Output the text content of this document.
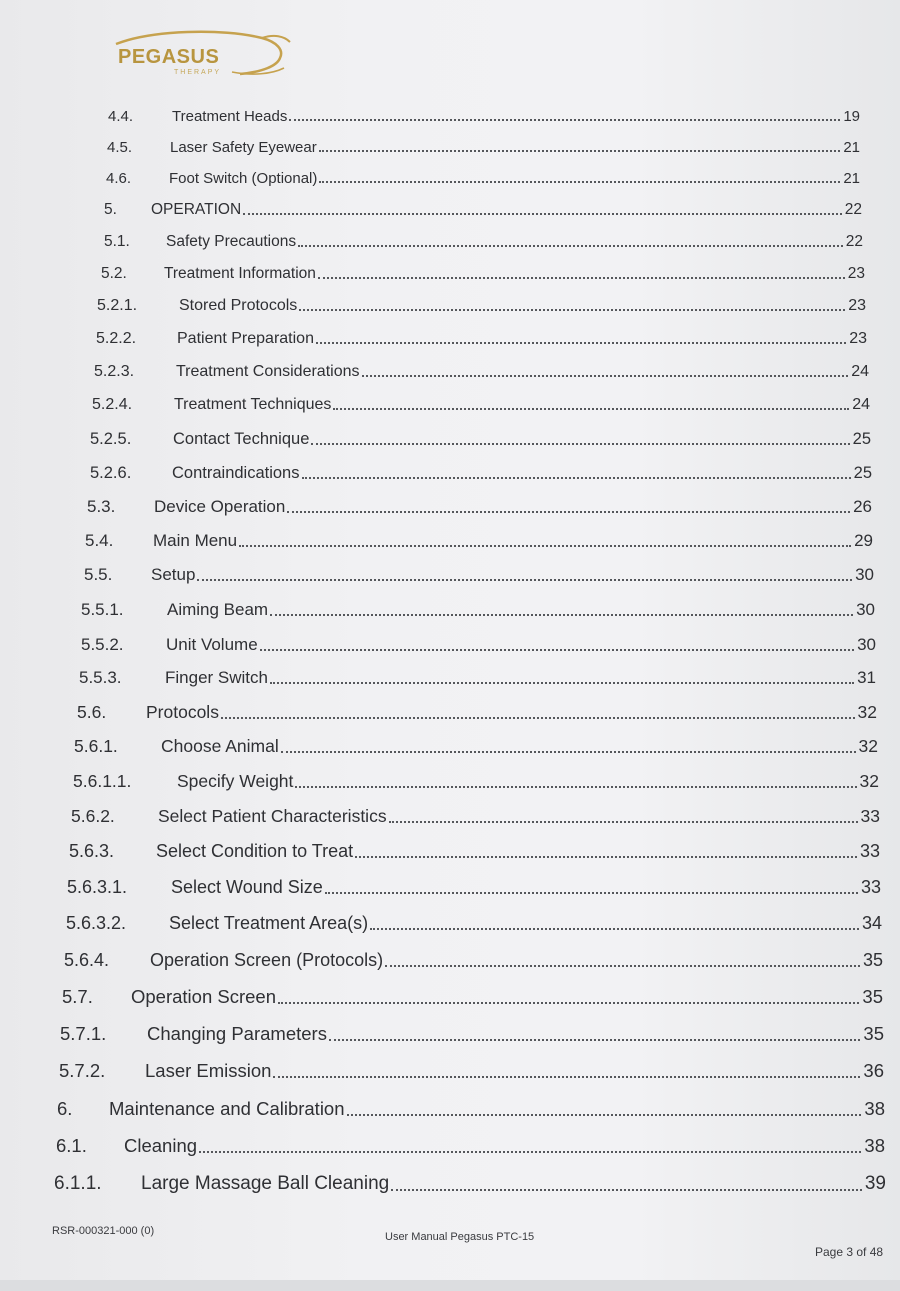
PEGASUS
THERAPY
4.4.	Treatment Heads	19
4.5.	Laser Safety Eyewear	21
4.6.	Foot Switch (Optional)	21
5.	OPERATION	22
5.1.	Safety Precautions	22
5.2.	Treatment Information	23
5.2.1.	Stored Protocols	23
5.2.2.	Patient Preparation	23
5.2.3.	Treatment Considerations	24
5.2.4.	Treatment Techniques	24
5.2.5.	Contact Technique	25
5.2.6.	Contraindications	25
5.3.	Device Operation	26
5.4.	Main Menu	29
5.5.	Setup	30
5.5.1.	Aiming Beam	30
5.5.2.	Unit Volume	30
5.5.3.	Finger Switch	31
5.6.	Protocols	32
5.6.1.	Choose Animal	32
5.6.1.1.	Specify Weight	32
5.6.2.	Select Patient Characteristics	33
5.6.3.	Select Condition to Treat	33
5.6.3.1.	Select Wound Size	33
5.6.3.2.	Select Treatment Area(s)	34
5.6.4.	Operation Screen (Protocols)	35
5.7.	Operation Screen	35
5.7.1.	Changing Parameters	35
5.7.2.	Laser Emission	36
6.	Maintenance and Calibration	38
6.1.	Cleaning	38
6.1.1.	Large Massage Ball Cleaning	39
RSR-000321-000 (0)	User Manual Pegasus PTC-15
Page 3 of 48
